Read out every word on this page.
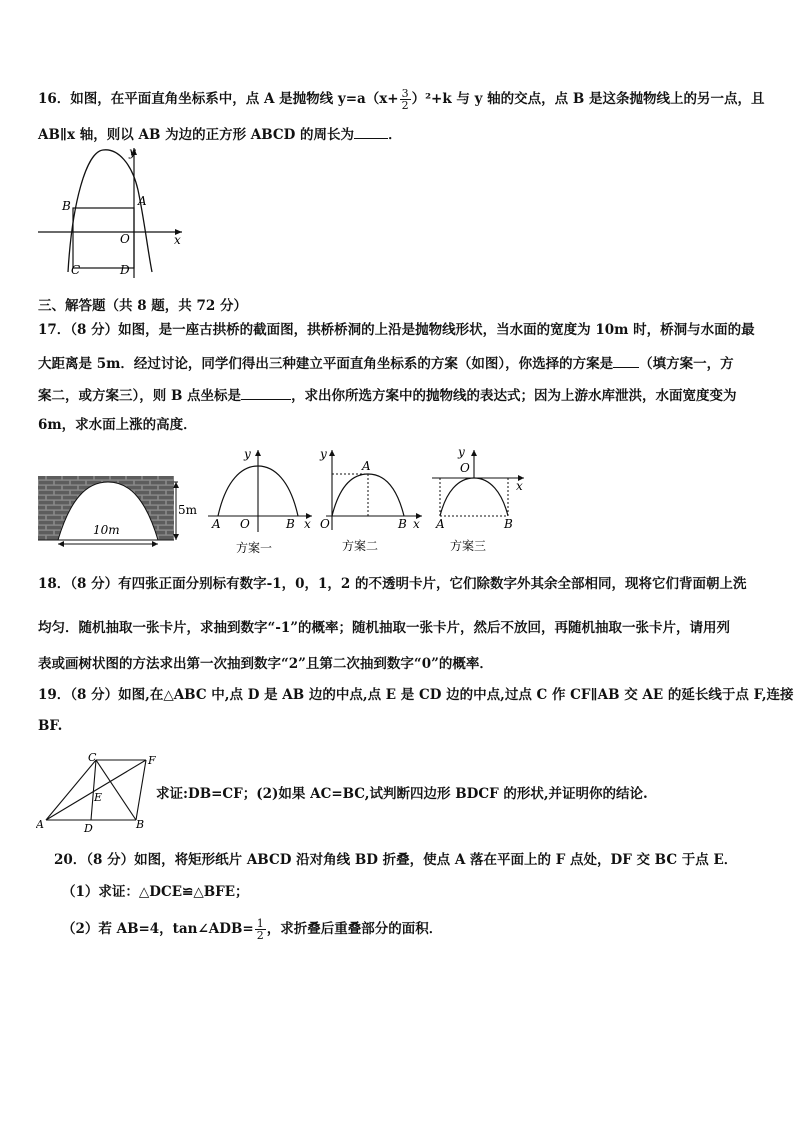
16．如图，在平面直角坐标系中，点 A 是抛物线 $y=a(x+ \frac{3}{2} )^2+k$ 与 y 轴的交点，点 B 是这条抛物线上的另一点，且
AB∥x 轴，则以 AB 为边的正方形 ABCD 的周长为	．
y
x
O
A
B
C	D
三、解答题（共 8 题，共 72 分）
17．（8 分）如图，是一座古拱桥的截面图，拱桥桥洞的上沿是抛物线形状，当水面的宽度为 10m 时，桥洞与水面的最
大距离是 5m．经过讨论，同学们得出三种建立平面直角坐标系的方案（如图），你选择的方案是 （填方案一，方
案二，或方案三），则 B 点坐标是	，求出你所选方案中的抛物线的表达式；因为上游水库泄洪，水面宽度变为
6m，求水面上涨的高度．
5m
10m
y
x
A O	B
方案一
y
x
A
O	B
方案二
y
x
O
A	B
方案三
18．（8 分）有四张正面分别标有数字-1，0，1，2 的不透明卡片，它们除数字外其余全部相同，现将它们背面朝上洗
均匀．随机抽取一张卡片，求抽到数字“-1”的概率；随机抽取一张卡片，然后不放回，再随机抽取一张卡片，请用列
表或画树状图的方法求出第一次抽到数字“2”且第二次抽到数字“0”的概率．
19．（8 分）如图,在△ABC 中,点 D 是 AB 边的中点,点 E 是 CD 边的中点,过点 C 作 CF∥AB 交 AE 的延长线于点 F,连接
BF.
A	B
C
D
E
F
求证:DB=CF；(2)如果 AC=BC,试判断四边形 BDCF 的形状,并证明你的结论.
20．（8 分）如图，将矩形纸片 ABCD 沿对角线 BD 折叠，使点 A 落在平面上的 F 点处，DF 交 BC 于点 E．
（1）求证：△DCE≌△BFE；
（2）若 AB=4，tan∠ADB= $\frac{1}{2}$ ，求折叠后重叠部分的面积．
